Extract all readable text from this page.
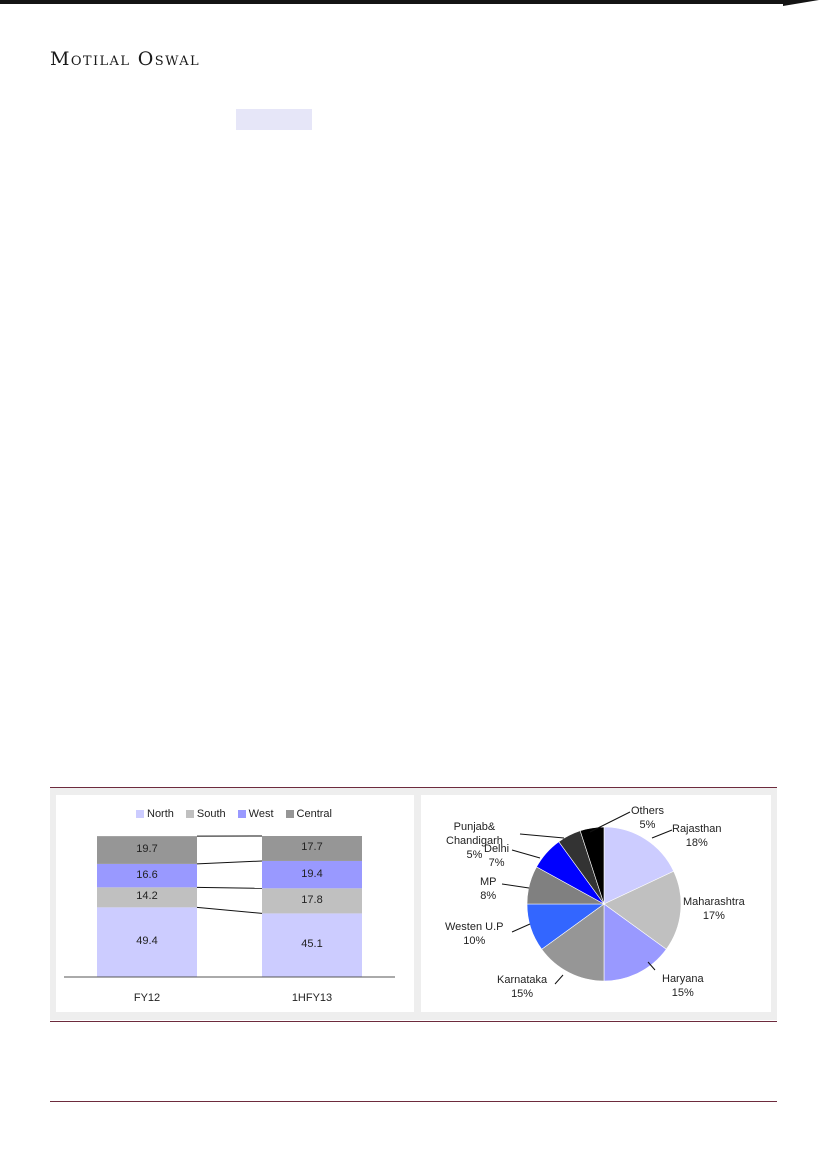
Motilal Oswal
North South West Central
49.4
14.2
16.6
19.7
FY12
45.1
17.8
19.4
17.7
1HFY13
Rajasthan
18%
Maharashtra
17%
Haryana
15%
Karnataka
15%
Westen U.P
10%
MP
8%
Delhi
7%
Punjab&
Chandigarh
5%
Others
5%
